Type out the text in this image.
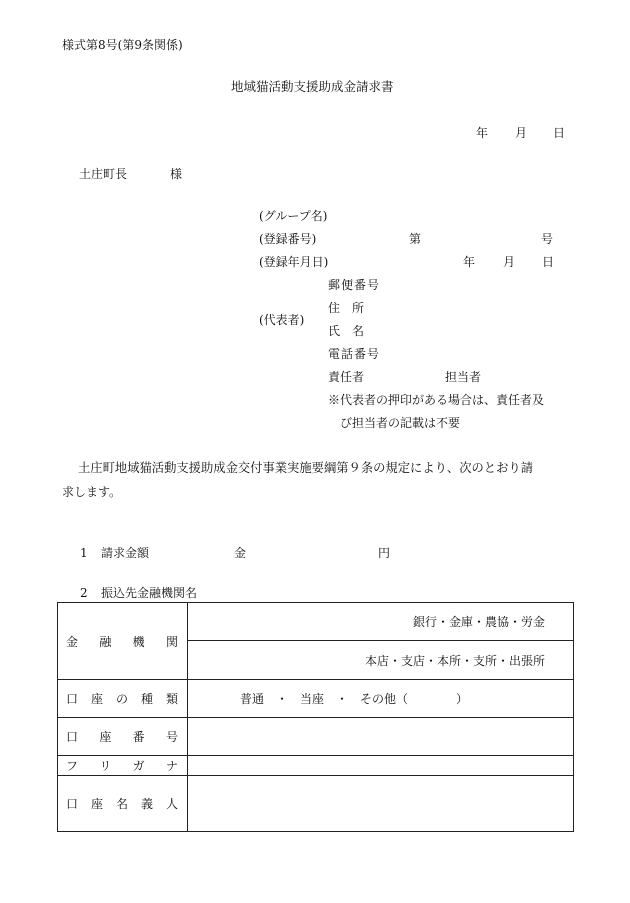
様式第8号(第9条関係)
地域猫活動支援助成金請求書
年 月 日
土庄町長	様
(グループ名)
(登録番号)	第	号
(登録年月日)	年 月 日
郵便番号
住　所
(代表者)
氏　名
電話番号
責任者	担当者
※代表者の押印がある場合は、責任者及
び担当者の記載は不要
土庄町地域猫活動支援助成金交付事業実施要綱第９条の規定により、次のとおり請
求します。
1 請求金額	金	円
2 振込先金融機関名
金 融 機 関	銀行・金庫・農協・労金
	本店・支店・本所・支所・出張所

口 座 の 種 類	普通　・　当座　・　その他（　　　　）

口 座 番 号	

フ リ ガ ナ	

口 座 名 義 人	
